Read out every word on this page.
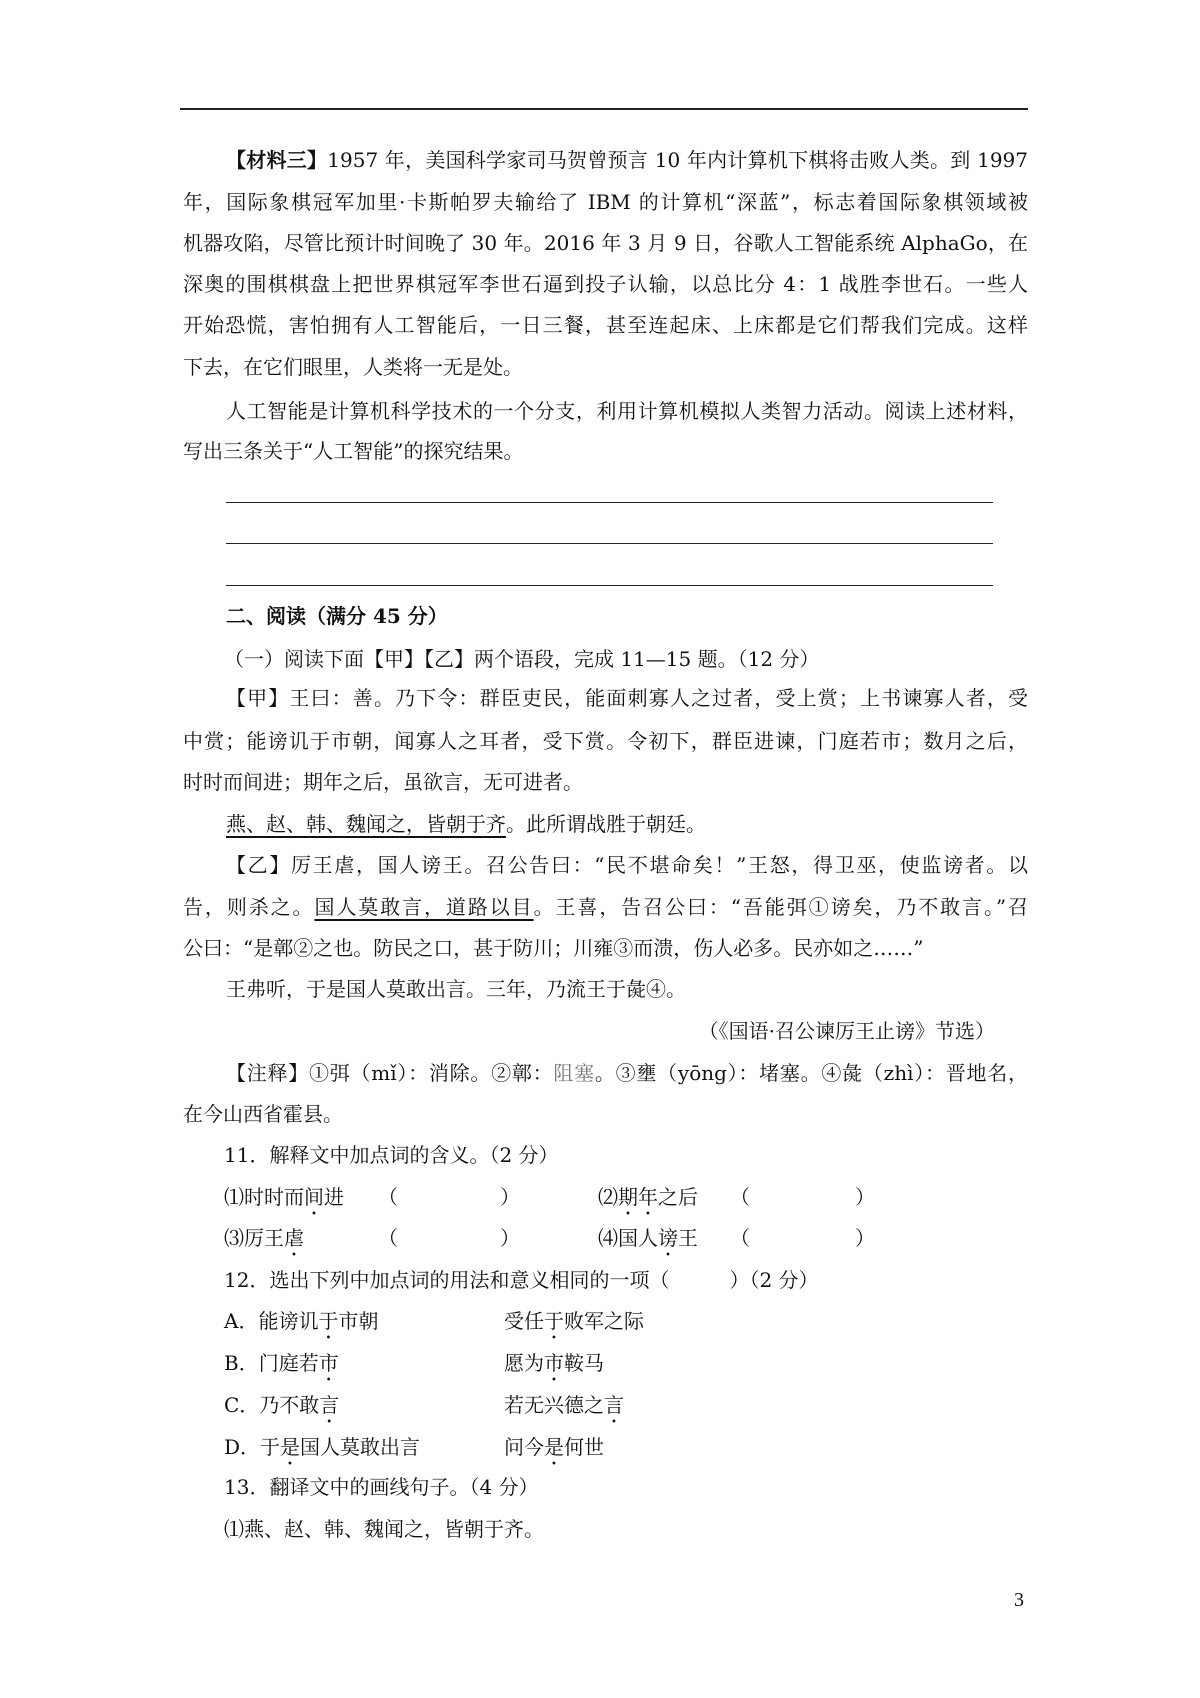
【材料三】1957 年，美国科学家司马贺曾预言 10 年内计算机下棋将击败人类。到 1997
年，国际象棋冠军加里·卡斯帕罗夫输给了 IBM 的计算机“深蓝”，标志着国际象棋领域被
机器攻陷，尽管比预计时间晚了 30 年。2016 年 3 月 9 日，谷歌人工智能系统 AlphaGo，在
深奥的围棋棋盘上把世界棋冠军李世石逼到投子认输，以总比分 4：1 战胜李世石。一些人
开始恐慌，害怕拥有人工智能后，一日三餐，甚至连起床、上床都是它们帮我们完成。这样
下去，在它们眼里，人类将一无是处。
人工智能是计算机科学技术的一个分支，利用计算机模拟人类智力活动。阅读上述材料，
写出三条关于“人工智能”的探究结果。
二、阅读（满分 45 分）
（一）阅读下面【甲】【乙】两个语段，完成 11—15 题。（12 分）
【甲】王曰：善。乃下令：群臣吏民，能面刺寡人之过者，受上赏；上书谏寡人者，受
中赏；能谤讥于市朝，闻寡人之耳者，受下赏。令初下，群臣进谏，门庭若市；数月之后，
时时而间进；期年之后，虽欲言，无可进者。
燕、赵、韩、魏闻之，皆朝于齐。此所谓战胜于朝廷。
【乙】厉王虐，国人谤王。召公告曰：“民不堪命矣！”王怒，得卫巫，使监谤者。以
告，则杀之。国人莫敢言，道路以目。王喜，告召公曰：“吾能弭①谤矣，乃不敢言。”召
公曰：“是鄣②之也。防民之口，甚于防川；川雍③而溃，伤人必多。民亦如之……”
王弗听，于是国人莫敢出言。三年，乃流王于彘④。
（《国语·召公谏厉王止谤》节选）
【注释】①弭（mǐ）：消除。②鄣：阻塞。③壅（yōng）：堵塞。④彘（zhì）：晋地名，
在今山西省霍县。
11．解释文中加点词的含义。（2 分）
⑴时时而间进 （	）	⑵期年之后 （	）
⑶厉王虐	（	）	⑷国人谤王 （	）
12．选出下列中加点词的用法和意义相同的一项（　　　）（2 分）
A．能谤讥于市朝	受任于败军之际
B．门庭若市	愿为市鞍马
C．乃不敢言	若无兴德之言
D．于是国人莫敢出言	问今是何世
13．翻译文中的画线句子。（4 分）
⑴燕、赵、韩、魏闻之，皆朝于齐。
3
